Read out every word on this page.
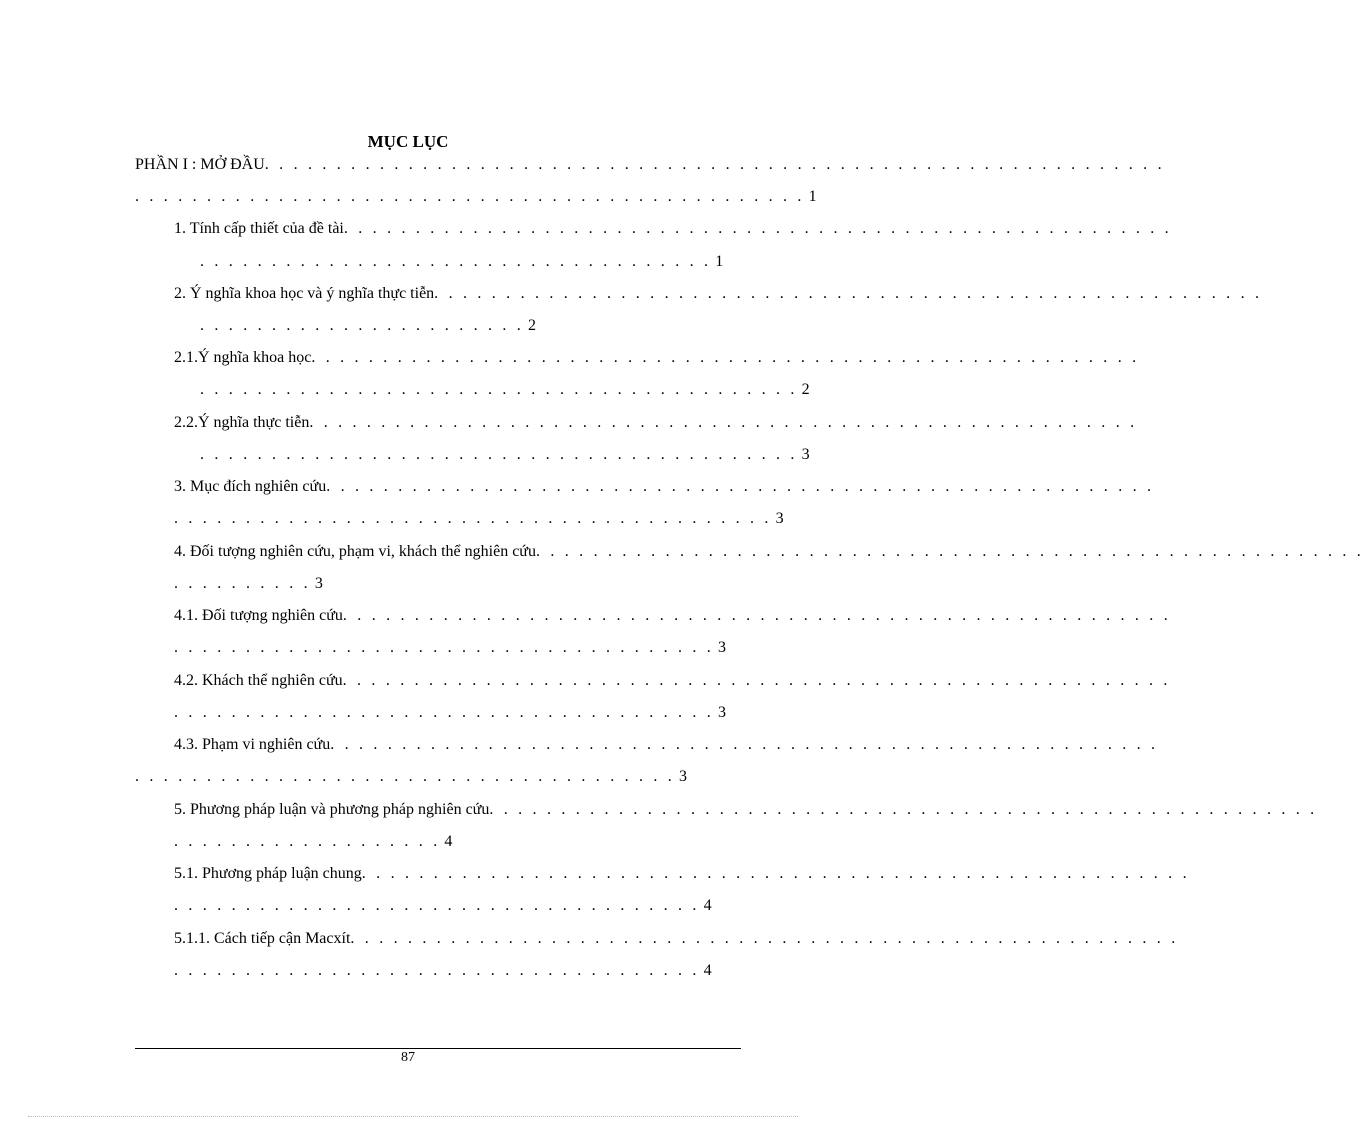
MỤC LỤC
PHẦN I : MỞ ĐẦU. . . . . . . . . . . . . . . . . . . . . . . . . . . . . . . . . . . . . . . . . . . . . . . . . . . . . . . . . . . . . . .
. . . . . . . . . . . . . . . . . . . . . . . . . . . . . . . . . . . . . . . . . . . . . . . 1
1. Tính cấp thiết của đề tài. . . . . . . . . . . . . . . . . . . . . . . . . . . . . . . . . . . . . . . . . . . . . . . . . . . . . . . . . .
. . . . . . . . . . . . . . . . . . . . . . . . . . . . . . . . . . . . 1
2. Ý nghĩa khoa học và ý nghĩa thực tiễn. . . . . . . . . . . . . . . . . . . . . . . . . . . . . . . . . . . . . . . . . . . . . . . . . . . . . . . . . .
. . . . . . . . . . . . . . . . . . . . . . . 2
2.1.Ý nghĩa khoa học. . . . . . . . . . . . . . . . . . . . . . . . . . . . . . . . . . . . . . . . . . . . . . . . . . . . . . . . . .
. . . . . . . . . . . . . . . . . . . . . . . . . . . . . . . . . . . . . . . . . . 2
2.2.Ý nghĩa thực tiễn. . . . . . . . . . . . . . . . . . . . . . . . . . . . . . . . . . . . . . . . . . . . . . . . . . . . . . . . . .
. . . . . . . . . . . . . . . . . . . . . . . . . . . . . . . . . . . . . . . . . . 3
3. Mục đích nghiên cứu. . . . . . . . . . . . . . . . . . . . . . . . . . . . . . . . . . . . . . . . . . . . . . . . . . . . . . . . . .
. . . . . . . . . . . . . . . . . . . . . . . . . . . . . . . . . . . . . . . . . . 3
4. Đối tượng nghiên cứu, phạm vi, khách thể nghiên cứu. . . . . . . . . . . . . . . . . . . . . . . . . . . . . . . . . . . . . . . . . . . . . . . . . . . . . . . . . .
. . . . . . . . . . 3
4.1. Đối tượng nghiên cứu. . . . . . . . . . . . . . . . . . . . . . . . . . . . . . . . . . . . . . . . . . . . . . . . . . . . . . . . . .
. . . . . . . . . . . . . . . . . . . . . . . . . . . . . . . . . . . . . . 3
4.2. Khách thể nghiên cứu. . . . . . . . . . . . . . . . . . . . . . . . . . . . . . . . . . . . . . . . . . . . . . . . . . . . . . . . . .
. . . . . . . . . . . . . . . . . . . . . . . . . . . . . . . . . . . . . . 3
4.3. Phạm vi nghiên cứu. . . . . . . . . . . . . . . . . . . . . . . . . . . . . . . . . . . . . . . . . . . . . . . . . . . . . . . . . .
. . . . . . . . . . . . . . . . . . . . . . . . . . . . . . . . . . . . . . 3
5. Phương pháp luận và phương pháp nghiên cứu. . . . . . . . . . . . . . . . . . . . . . . . . . . . . . . . . . . . . . . . . . . . . . . . . . . . . . . . . .
. . . . . . . . . . . . . . . . . . . 4
5.1. Phương pháp luận chung. . . . . . . . . . . . . . . . . . . . . . . . . . . . . . . . . . . . . . . . . . . . . . . . . . . . . . . . . .
. . . . . . . . . . . . . . . . . . . . . . . . . . . . . . . . . . . . . 4
5.1.1. Cách tiếp cận Macxít. . . . . . . . . . . . . . . . . . . . . . . . . . . . . . . . . . . . . . . . . . . . . . . . . . . . . . . . . .
. . . . . . . . . . . . . . . . . . . . . . . . . . . . . . . . . . . . . 4
87
